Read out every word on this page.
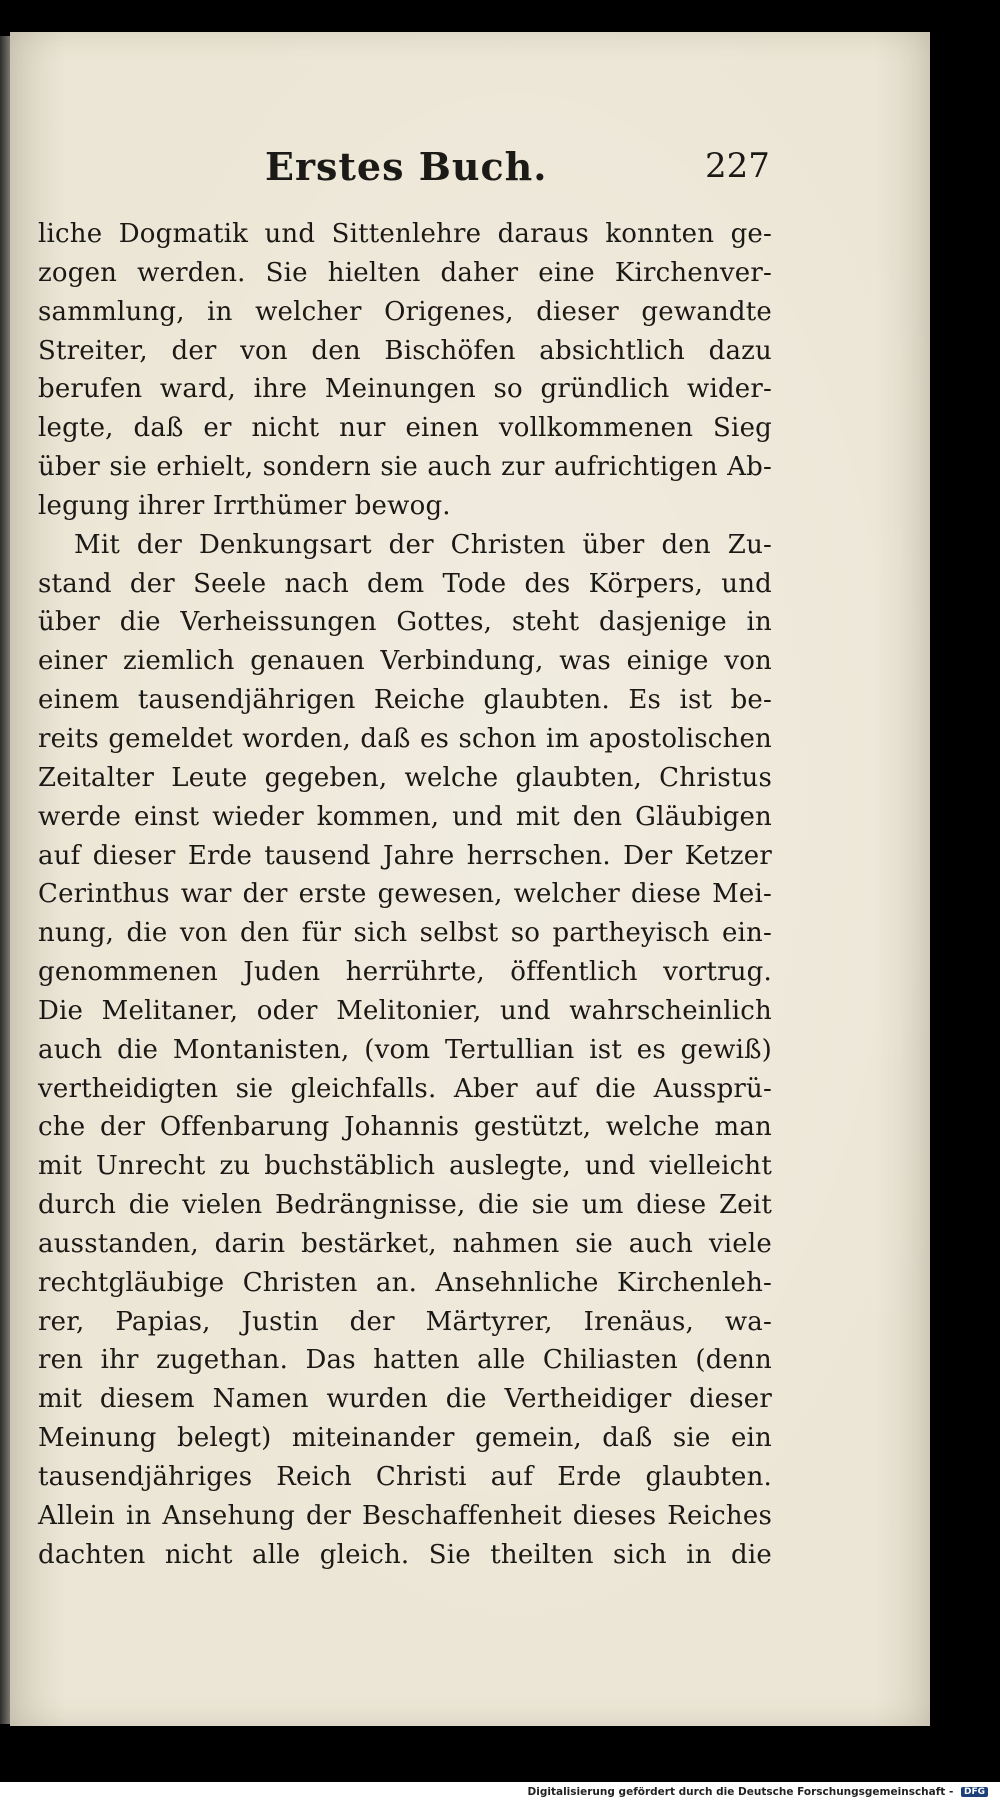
Erstes Buch.	227
liche Dogmatik und Sittenlehre daraus konnten ge-
zogen werden. Sie hielten daher eine Kirchenver-
sammlung, in welcher Origenes, dieser gewandte
Streiter, der von den Bischöfen absichtlich dazu
berufen ward, ihre Meinungen so gründlich wider-
legte, daß er nicht nur einen vollkommenen Sieg
über sie erhielt, sondern sie auch zur aufrichtigen Ab-
legung ihrer Irrthümer bewog.
Mit der Denkungsart der Christen über den Zu-
stand der Seele nach dem Tode des Körpers, und
über die Verheissungen Gottes, steht dasjenige in
einer ziemlich genauen Verbindung, was einige von
einem tausendjährigen Reiche glaubten. Es ist be-
reits gemeldet worden, daß es schon im apostolischen
Zeitalter Leute gegeben, welche glaubten, Christus
werde einst wieder kommen, und mit den Gläubigen
auf dieser Erde tausend Jahre herrschen. Der Ketzer
Cerinthus war der erste gewesen, welcher diese Mei-
nung, die von den für sich selbst so partheyisch ein-
genommenen Juden herrührte, öffentlich vortrug.
Die Melitaner, oder Melitonier, und wahrscheinlich
auch die Montanisten, (vom Tertullian ist es gewiß)
vertheidigten sie gleichfalls. Aber auf die Aussprü-
che der Offenbarung Johannis gestützt, welche man
mit Unrecht zu buchstäblich auslegte, und vielleicht
durch die vielen Bedrängnisse, die sie um diese Zeit
ausstanden, darin bestärket, nahmen sie auch viele
rechtgläubige Christen an. Ansehnliche Kirchenleh-
rer, Papias, Justin der Märtyrer, Irenäus, wa-
ren ihr zugethan. Das hatten alle Chiliasten (denn
mit diesem Namen wurden die Vertheidiger dieser
Meinung belegt) miteinander gemein, daß sie ein
tausendjähriges Reich Christi auf Erde glaubten.
Allein in Ansehung der Beschaffenheit dieses Reiches
dachten nicht alle gleich. Sie theilten sich in die
Digitalisierung gefördert durch die Deutsche Forschungsgemeinschaft - DFG
